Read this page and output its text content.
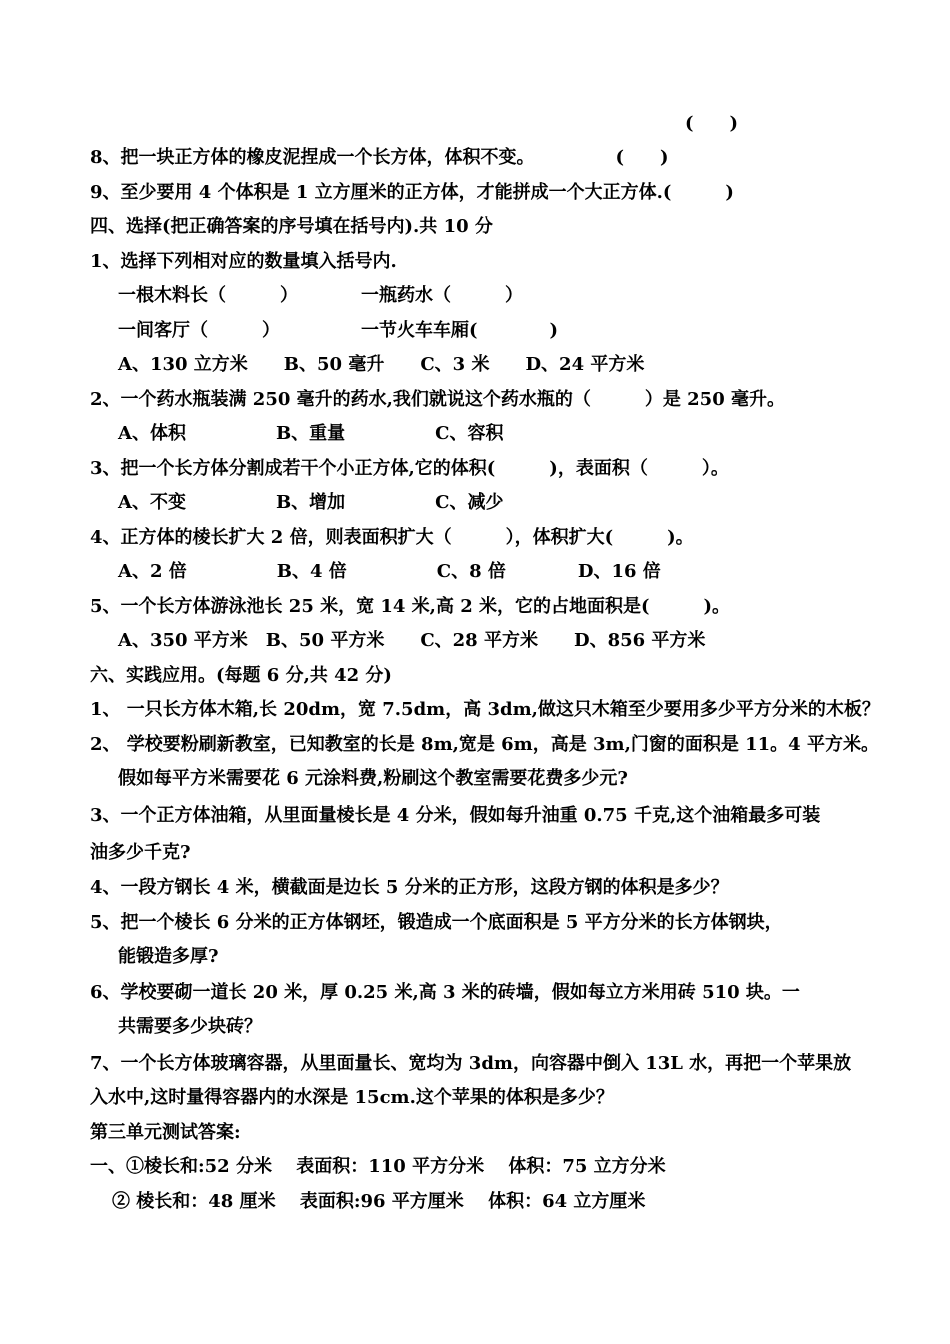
(　　)
8、把一块正方体的橡皮泥捏成一个长方体，体积不变。　　　　　(　　)
9、至少要用 4 个体积是 1 立方厘米的正方体，才能拼成一个大正方体.(　　　)
四、选择(把正确答案的序号填在括号内).共 10 分
1、选择下列相对应的数量填入括号内.
一根木料长（　　　）　　　　一瓶药水（　　　）
一间客厅（　　　）　　　　　一节火车车厢(　　　　)
A、130 立方米　　B、50 毫升　　C、3 米　　D、24 平方米
2、一个药水瓶装满 250 毫升的药水,我们就说这个药水瓶的（　　　）是 250 毫升。
A、体积　　　　　B、重量　　　　　C、容积
3、把一个长方体分割成若干个小正方体,它的体积(　　　)，表面积（　　　）。
A、不变　　　　　B、增加　　　　　C、减少
4、正方体的棱长扩大 2 倍，则表面积扩大（　　　），体积扩大(　　　)。
A、2 倍　　　　　B、4 倍　　　　　C、8 倍　　　　D、16 倍
5、一个长方体游泳池长 25 米，宽 14 米,高 2 米，它的占地面积是(　　　)。
A、350 平方米　B、50 平方米　　C、28 平方米　　D、856 平方米
六、实践应用。(每题 6 分,共 42 分)
1、 一只长方体木箱,长 20dm，宽 7.5dm，高 3dm,做这只木箱至少要用多少平方分米的木板？
2、 学校要粉刷新教室，已知教室的长是 8m,宽是 6m，高是 3m,门窗的面积是 11。4 平方米。
假如每平方米需要花 6 元涂料费,粉刷这个教室需要花费多少元?
3、一个正方体油箱，从里面量棱长是 4 分米，假如每升油重 0.75 千克,这个油箱最多可装
油多少千克?
4、一段方钢长 4 米，横截面是边长 5 分米的正方形，这段方钢的体积是多少？
5、把一个棱长 6 分米的正方体钢坯，锻造成一个底面积是 5 平方分米的长方体钢块，
能锻造多厚?
6、学校要砌一道长 20 米，厚 0.25 米,高 3 米的砖墙，假如每立方米用砖 510 块。一
共需要多少块砖？
7、一个长方体玻璃容器，从里面量长、宽均为 3dm，向容器中倒入 13L 水，再把一个苹果放
入水中,这时量得容器内的水深是 15cm.这个苹果的体积是多少？
第三单元测试答案:
一、①棱长和:52 分米　 表面积：110 平方分米　 体积：75 立方分米
② 棱长和：48 厘米　 表面积:96 平方厘米　 体积：64 立方厘米
